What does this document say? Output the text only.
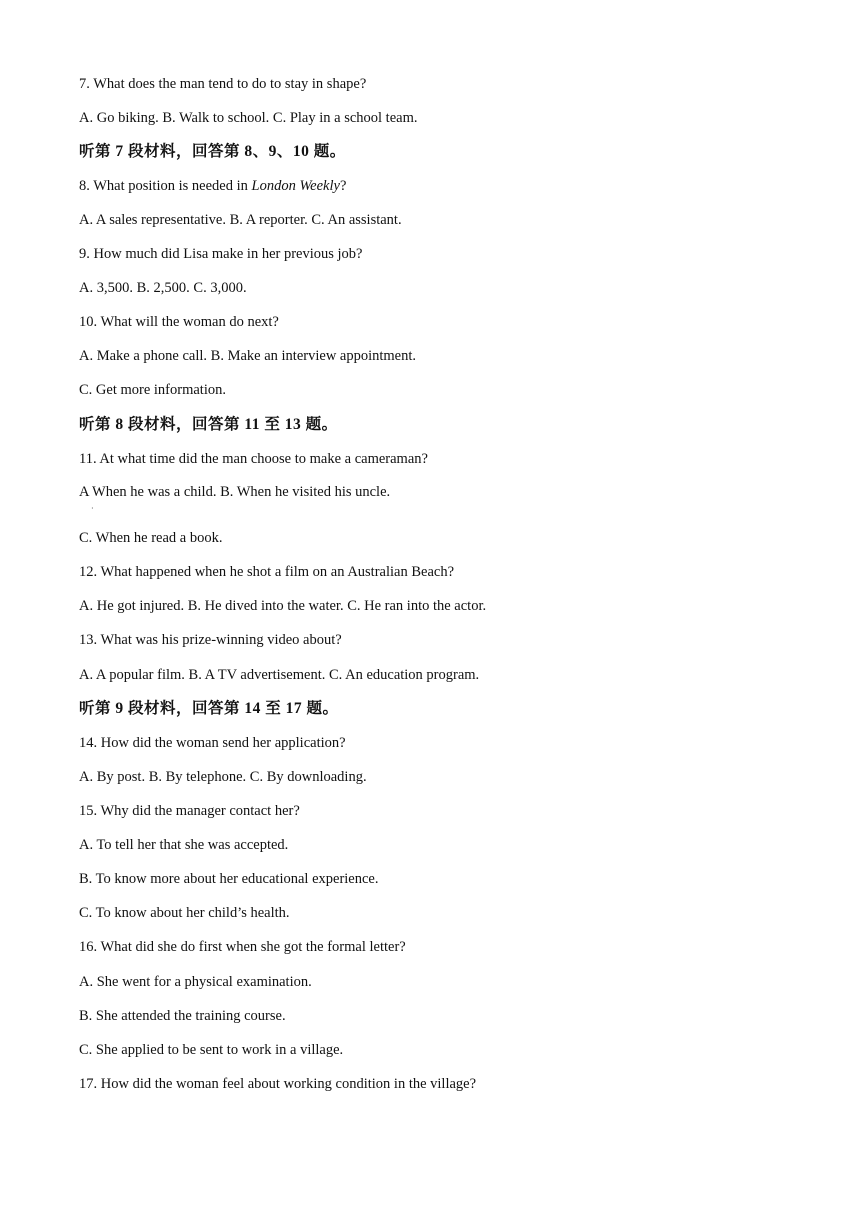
7. What does the man tend to do to stay in shape?
A. Go biking. B. Walk to school. C. Play in a school team.
听第 7 段材料，回答第 8、9、10 题。
8. What position is needed in London Weekly?
A. A sales representative. B. A reporter. C. An assistant.
9. How much did Lisa make in her previous job?
A. 3,500. B. 2,500. C. 3,000.
10. What will the woman do next?
A. Make a phone call. B. Make an interview appointment.
C. Get more information.
听第 8 段材料，回答第 11 至 13 题。
11. At what time did the man choose to make a cameraman?
A When he was a child. B. When he visited his uncle.
·
C. When he read a book.
12. What happened when he shot a film on an Australian Beach?
A. He got injured. B. He dived into the water. C. He ran into the actor.
13. What was his prize-winning video about?
A. A popular film. B. A TV advertisement. C. An education program.
听第 9 段材料，回答第 14 至 17 题。
14. How did the woman send her application?
A. By post. B. By telephone. C. By downloading.
15. Why did the manager contact her?
A. To tell her that she was accepted.
B. To know more about her educational experience.
C. To know about her child’s health.
16. What did she do first when she got the formal letter?
A. She went for a physical examination.
B. She attended the training course.
C. She applied to be sent to work in a village.
17. How did the woman feel about working condition in the village?
